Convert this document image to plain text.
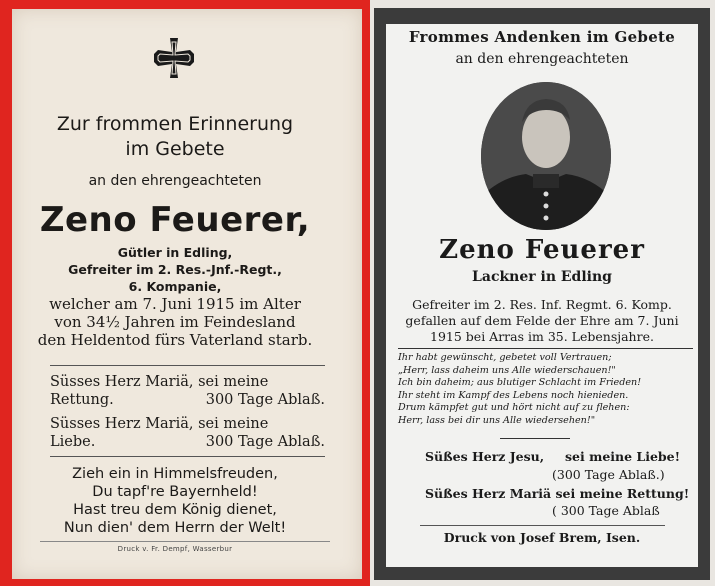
Zur frommen Erinnerung
im Gebete
an den ehrengeachteten
Zeno Feuerer,
Gütler in Edling,
Gefreiter im 2. Res.-Jnf.-Regt.,
6. Kompanie,
welcher am 7. Juni 1915 im Alter
von 34½ Jahren im Feindesland
den Heldentod fürs Vaterland starb.
Süsses Herz Mariä, sei meine
Rettung.	300 Tage Ablaß.
Süsses Herz Mariä, sei meine
Liebe.	300 Tage Ablaß.
Zieh ein in Himmelsfreuden,
Du tapf're Bayernheld!
Hast treu dem König dienet,
Nun dien' dem Herrn der Welt!
Druck v. Fr. Dempf, Wasserbur
Frommes Andenken im Gebete
an den ehrengeachteten
Zeno Feuerer
Lackner in Edling
Gefreiter im 2. Res. Inf. Regmt. 6. Komp.
gefallen auf dem Felde der Ehre am 7. Juni
1915 bei Arras im 35. Lebensjahre.
Ihr habt gewünscht, gebetet voll Vertrauen;
„Herr, lass daheim uns Alle wiederschauen!"
Ich bin daheim; aus blutiger Schlacht im Frieden!
Ihr steht im Kampf des Lebens noch hienieden.
Drum kämpfet gut und hört nicht auf zu flehen:
Herr, lass bei dir uns Alle wiedersehen!"
Süßes Herz Jesu, sei meine Liebe!
(300 Tage Ablaß.)
Süßes Herz Mariä sei meine Rettung!
( 300 Tage Ablaß
Druck von Josef Brem, Isen.
